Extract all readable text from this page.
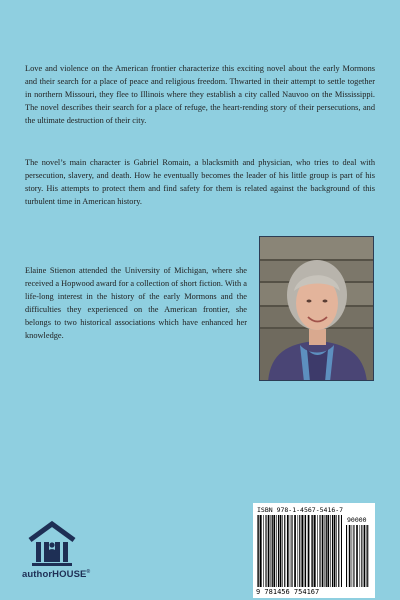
Love and violence on the American frontier characterize this exciting novel about the early Mormons and their search for a place of peace and religious freedom. Thwarted in their attempt to settle together in northern Missouri, they flee to Illinois where they establish a city called Nauvoo on the Mississippi. The novel describes their search for a place of refuge, the heart-rending story of their persecutions, and the ultimate destruction of their city.

The novel’s main character is Gabriel Romain, a blacksmith and physician, who tries to deal with persecution, slavery, and death. How he eventually becomes the leader of his little group is part of his story. His attempts to protect them and find safety for them is related against the background of this turbulent time in American history.

Elaine Stienon attended the University of Michigan, where she received a Hopwood award for a collection of short fiction. With a life-long interest in the history of the early Mormons and the difficulties they experienced on the American frontier, she belongs to two historical associations which have enhanced her knowledge.

authorHOUSE®
ISBN 978-1-4567-5416-7
90000
9 781456 754167
